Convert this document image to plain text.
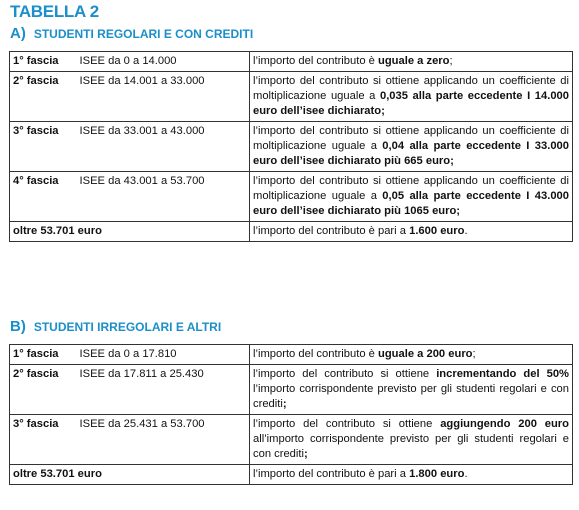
TABELLA 2
A) STUDENTI REGOLARI E CON CREDITI
1° fascia	ISEE da 0 a 14.000	l’importo del contributo è uguale a zero;
2° fascia	ISEE da 14.001 a 33.000	l’importo del contributo si ottiene applicando un coefficiente di moltiplicazione uguale a 0,035 alla parte eccedente I 14.000 euro dell’isee dichiarato;
3° fascia	ISEE da 33.001 a 43.000	l’importo del contributo si ottiene applicando un coefficiente di moltiplicazione uguale a 0,04 alla parte eccedente I 33.000 euro dell’isee dichiarato più 665 euro;
4° fascia	ISEE da 43.001 a 53.700	l’importo del contributo si ottiene applicando un coefficiente di moltiplicazione uguale a 0,05 alla parte eccedente I 43.000 euro dell’isee dichiarato più 1065 euro;
oltre 53.701 euro		l’importo del contributo è pari a 1.600 euro.
B) STUDENTI IRREGOLARI E ALTRI
1° fascia	ISEE da 0 a 17.810	l’importo del contributo è uguale a 200 euro;
2° fascia	ISEE da 17.811 a 25.430	l’importo del contributo si ottiene incrementando del 50% l’importo corrispondente previsto per gli studenti regolari e con crediti;
3° fascia	ISEE da 25.431 a 53.700	l’importo del contributo si ottiene aggiungendo 200 euro all’importo corrispondente previsto per gli studenti regolari e con crediti;
oltre 53.701 euro		l’importo del contributo è pari a 1.800 euro.
